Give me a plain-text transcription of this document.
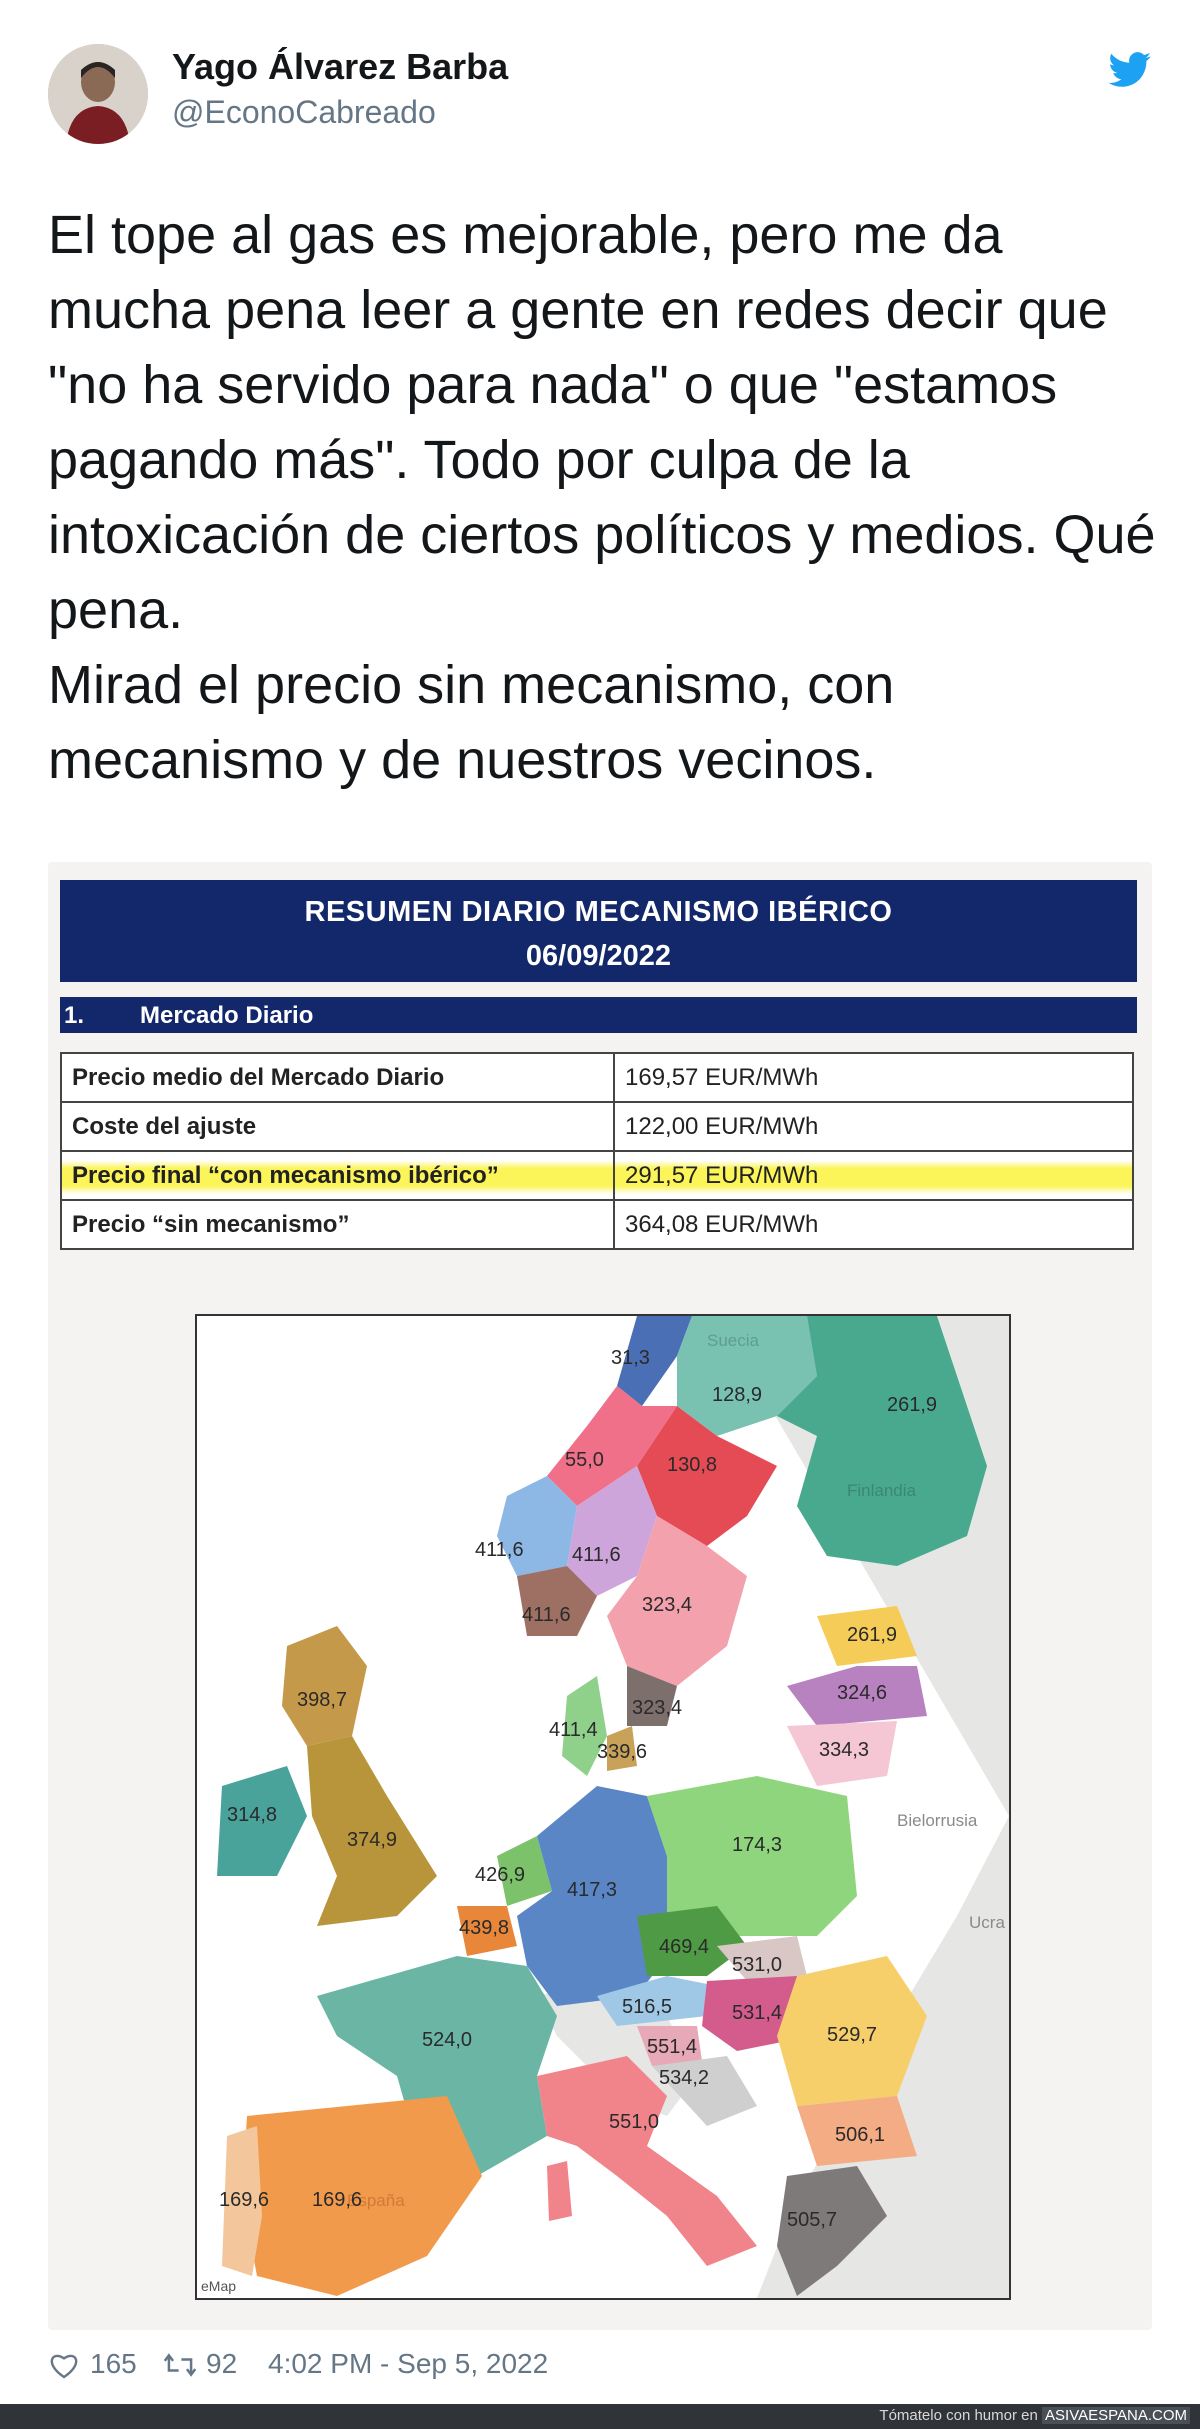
Yago Álvarez Barba
@EconoCabreado

El tope al gas es mejorable, pero me da mucha pena leer a gente en redes decir que "no ha servido para nada" o que "estamos pagando más". Todo por culpa de la intoxicación de ciertos políticos y medios. Qué pena.

Mirad el precio sin mecanismo, con mecanismo y de nuestros vecinos.

RESUMEN DIARIO MECANISMO IBÉRICO
06/09/2022
1. Mercado Diario
Precio medio del Mercado Diario	169,57 EUR/MWh
Coste del ajuste	122,00 EUR/MWh
Precio final “con mecanismo ibérico”	291,57 EUR/MWh
Precio “sin mecanismo”	364,08 EUR/MWh
Suecia
Finlandia
Bielorrusia
Ucra
España
31,3
128,9	261,9
55,0	130,8
411,6 411,6
411,6	323,4
261,9
324,6
334,3
323,4
411,4
339,6
398,7
314,8
374,9
426,9
417,3
174,3
439,8
469,4
531,0
524,0
516,5	531,4
551,4
534,2
529,7
551,0
506,1
169,6 169,6
505,7
eMap
165 92 4:02 PM - Sep 5, 2022
Tómatelo con humor en ASIVAESPANA.COM
